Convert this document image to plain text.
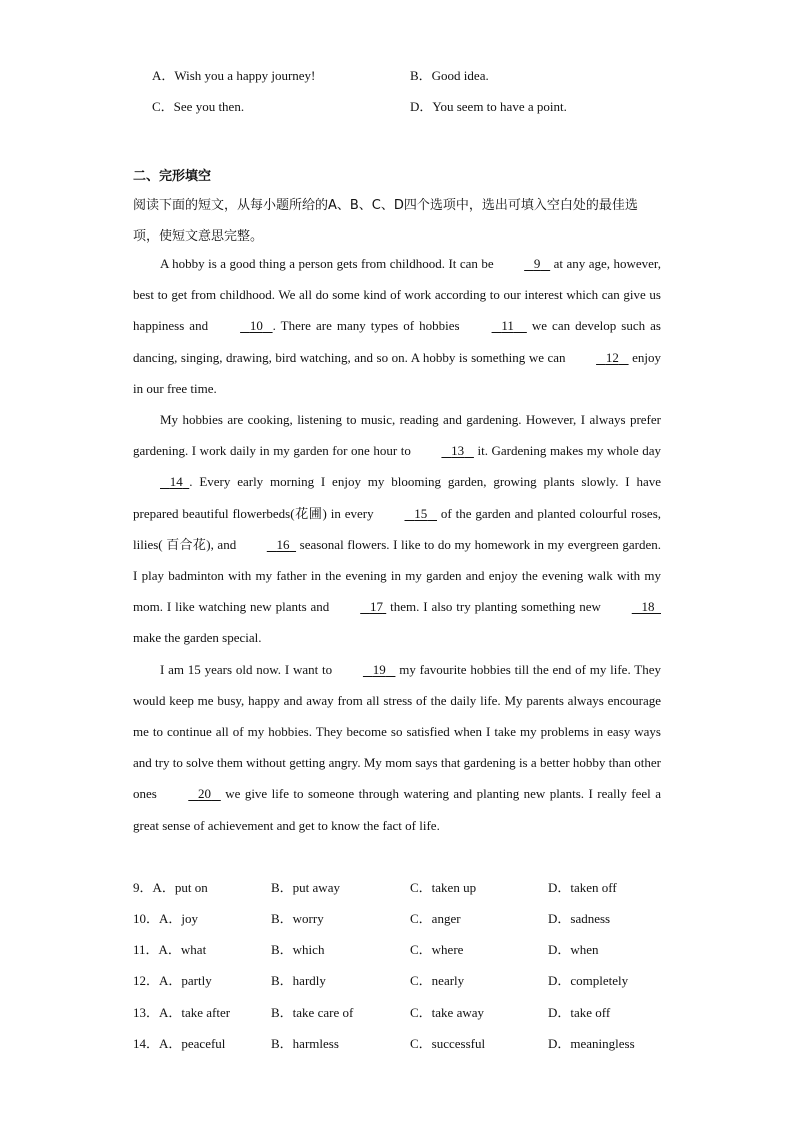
A．Wish you a happy journey!	B．Good idea.
C．See you then.	D．You seem to have a point.
二、完形填空
阅读下面的短文，从每小题所给的A、B、C、D四个选项中，选出可填入空白处的最佳选项，使短文意思完整。

A hobby is a good thing a person gets from childhood. It can be	9    at any age, however, best to get from childhood. We all do some kind of work according to our interest which can give us happiness and	10 . There are many types of hobbies	11     we can develop such as dancing, singing, drawing, bird watching, and so on. A hobby is something we can	12    enjoy in our free time.

My hobbies are cooking, listening to music, reading and gardening. However, I always prefer gardening. I work daily in my garden for one hour to	13    it. Gardening makes my whole day    14 . Every early morning I enjoy my blooming garden, growing plants slowly. I have prepared beautiful flowerbeds(花圃) in every	15    of the garden and planted colourful roses, lilies( 百合花), and	16   seasonal flowers. I like to do my homework in my evergreen garden. I play badminton with my father in the evening in my garden and enjoy the evening walk with my mom. I like watching new plants and	17  them. I also try planting something new	18   make the garden special.

I am 15 years old now. I want to	19    my favourite hobbies till the end of my life. They would keep me busy, happy and away from all stress of the daily life. My parents always encourage me to continue all of my hobbies. They become so satisfied when I take my problems in easy ways and try to solve them without getting angry. My mom says that gardening is a better hobby than other ones	20    we give life to someone through watering and planting new plants. I really feel a great sense of achievement and get to know the fact of life.

9．A．put on	B．put away	C．taken up	D．taken off
10．A．joy	B．worry	C．anger	D．sadness
11．A．what	B．which	C．where	D．when
12．A．partly	B．hardly	C．nearly	D．completely
13．A．take after	B．take care of	C．take away	D．take off
14．A．peaceful	B．harmless	C．successful	D．meaningless
